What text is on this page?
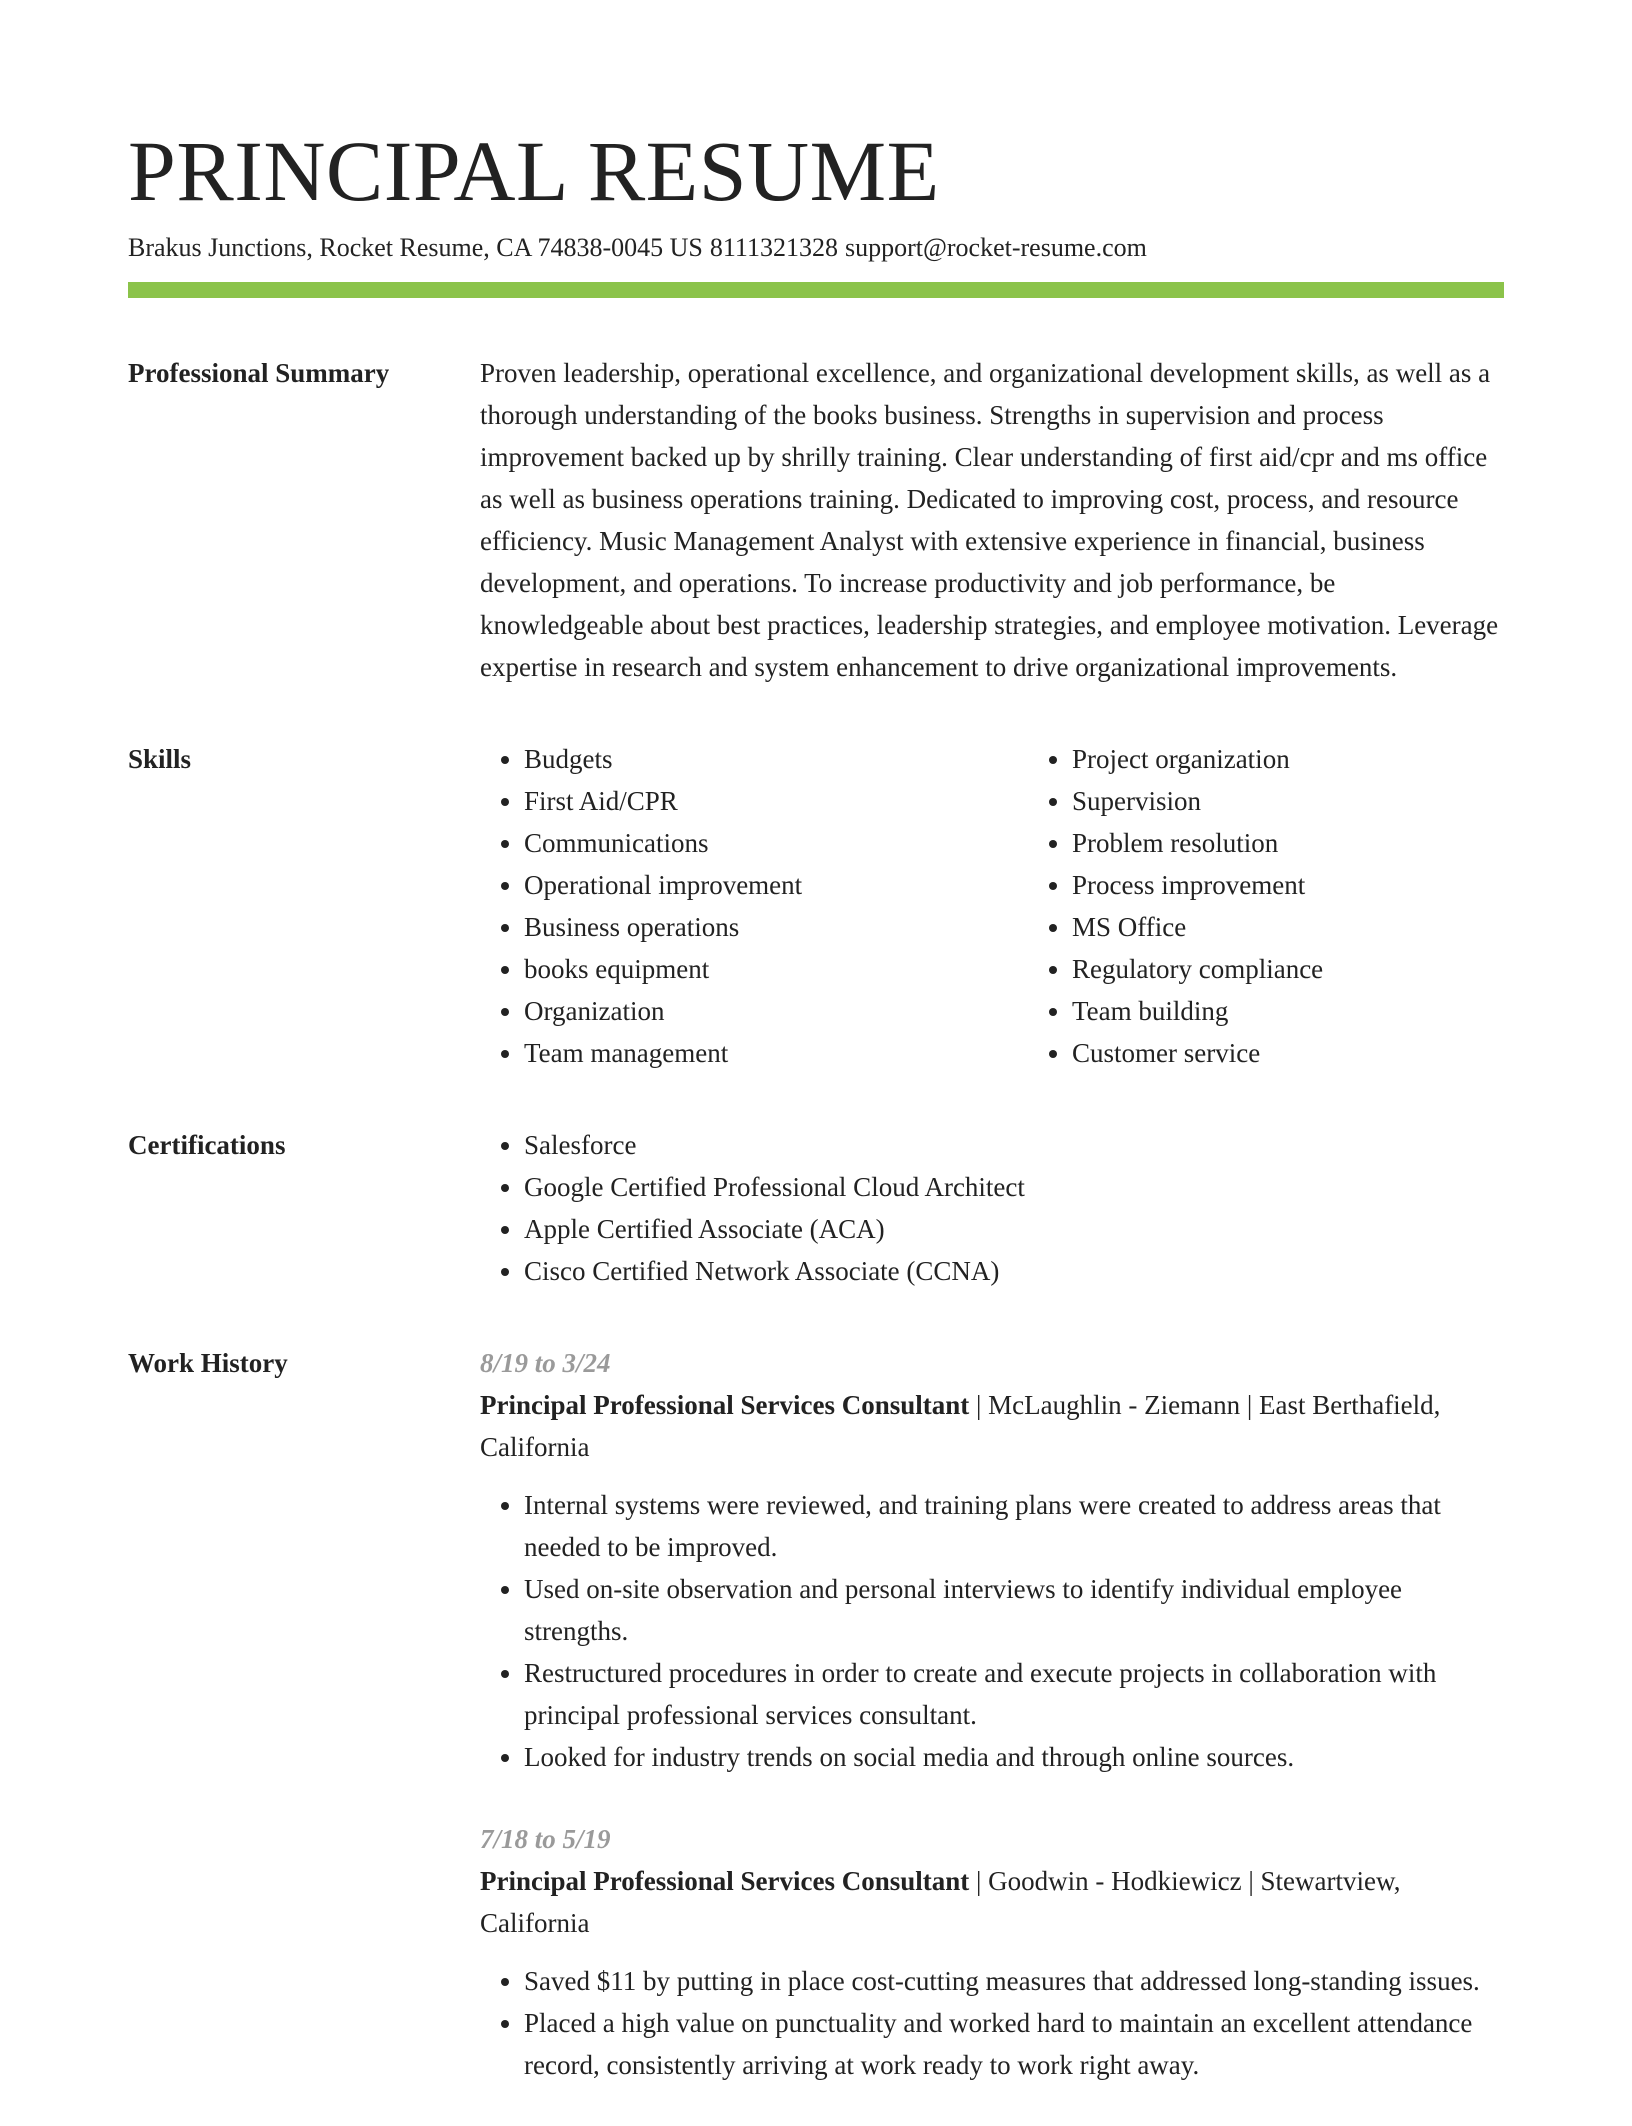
PRINCIPAL RESUME
Brakus Junctions, Rocket Resume, CA 74838-0045 US 8111321328 support@rocket-resume.com
Professional Summary	Proven leadership, operational excellence, and organizational development skills, as well as a thorough understanding of the books business. Strengths in supervision and process improvement backed up by shrilly training. Clear understanding of first aid/cpr and ms office as well as business operations training. Dedicated to improving cost, process, and resource efficiency. Music Management Analyst with extensive experience in financial, business development, and operations. To increase productivity and job performance, be knowledgeable about best practices, leadership strategies, and employee motivation. Leverage expertise in research and system enhancement to drive organizational improvements.

Skills	• Budgets
• First Aid/CPR
• Communications
• Operational improvement
• Business operations
• books equipment
• Organization
• Team management
• Project organization
• Supervision
• Problem resolution
• Process improvement
• MS Office
• Regulatory compliance
• Team building
• Customer service
Certifications	• Salesforce
• Google Certified Professional Cloud Architect
• Apple Certified Associate (ACA)
• Cisco Certified Network Associate (CCNA)
Work History	8/19 to 3/24
Principal Professional Services Consultant | McLaughlin - Ziemann | East Berthafield, California
• Internal systems were reviewed, and training plans were created to address areas that needed to be improved.
• Used on-site observation and personal interviews to identify individual employee strengths.
• Restructured procedures in order to create and execute projects in collaboration with principal professional services consultant.
• Looked for industry trends on social media and through online sources.
7/18 to 5/19
Principal Professional Services Consultant | Goodwin - Hodkiewicz | Stewartview, California
• Saved $11 by putting in place cost-cutting measures that addressed long-standing issues.
• Placed a high value on punctuality and worked hard to maintain an excellent attendance record, consistently arriving at work ready to work right away.
